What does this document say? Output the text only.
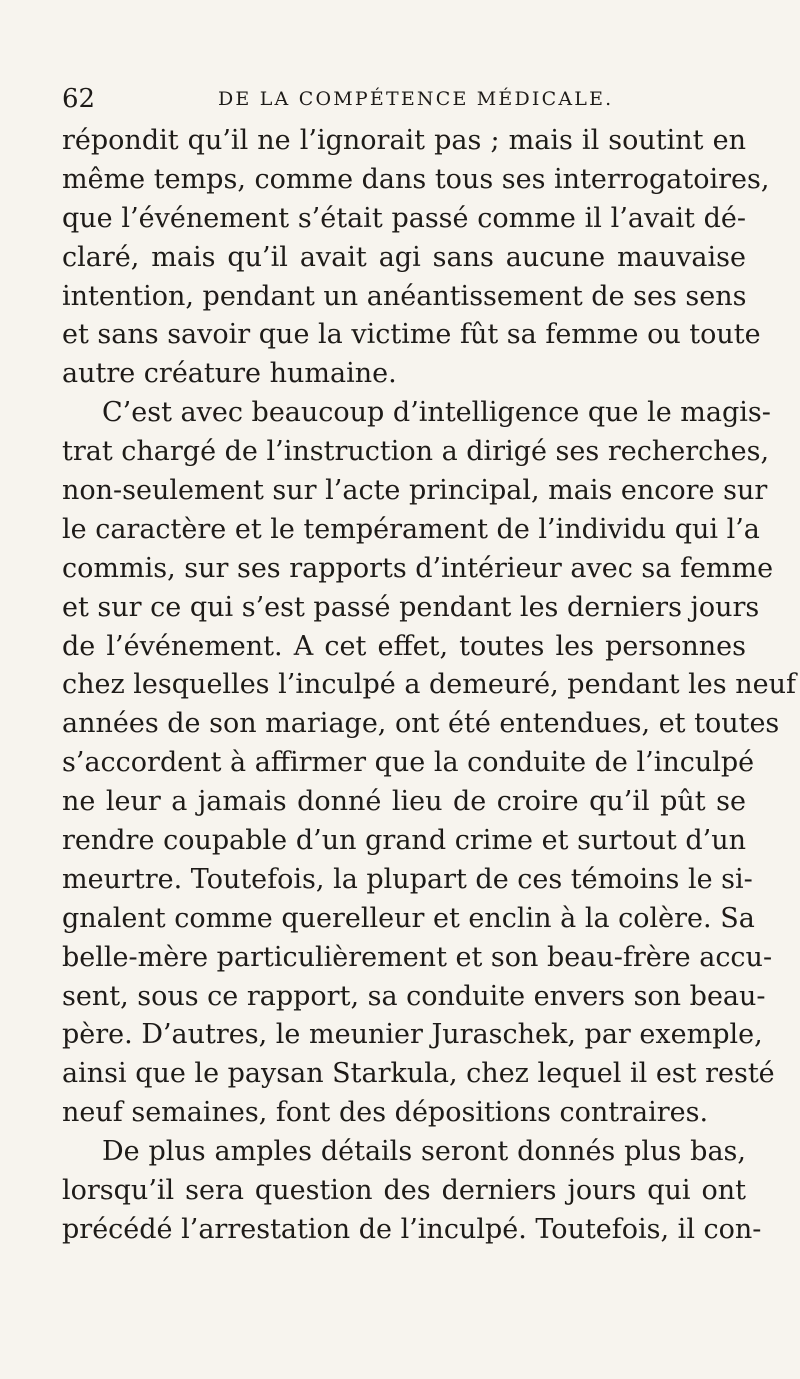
62	DE LA COMPÉTENCE MÉDICALE.
répondit qu’il ne l’ignorait pas ; mais il soutint en
même temps, comme dans tous ses interrogatoires,
que l’événement s’était passé comme il l’avait dé-
claré, mais qu’il avait agi sans aucune mauvaise
intention, pendant un anéantissement de ses sens
et sans savoir que la victime fût sa femme ou toute
autre créature humaine.
C’est avec beaucoup d’intelligence que le magis-
trat chargé de l’instruction a dirigé ses recherches,
non-seulement sur l’acte principal, mais encore sur
le caractère et le tempérament de l’individu qui l’a
commis, sur ses rapports d’intérieur avec sa femme
et sur ce qui s’est passé pendant les derniers jours
de l’événement. A cet effet, toutes les personnes
chez lesquelles l’inculpé a demeuré, pendant les neuf
années de son mariage, ont été entendues, et toutes
s’accordent à affirmer que la conduite de l’inculpé
ne leur a jamais donné lieu de croire qu’il pût se
rendre coupable d’un grand crime et surtout d’un
meurtre. Toutefois, la plupart de ces témoins le si-
gnalent comme querelleur et enclin à la colère. Sa
belle-mère particulièrement et son beau-frère accu-
sent, sous ce rapport, sa conduite envers son beau-
père. D’autres, le meunier Juraschek, par exemple,
ainsi que le paysan Starkula, chez lequel il est resté
neuf semaines, font des dépositions contraires.
De plus amples détails seront donnés plus bas,
lorsqu’il sera question des derniers jours qui ont
précédé l’arrestation de l’inculpé. Toutefois, il con-
